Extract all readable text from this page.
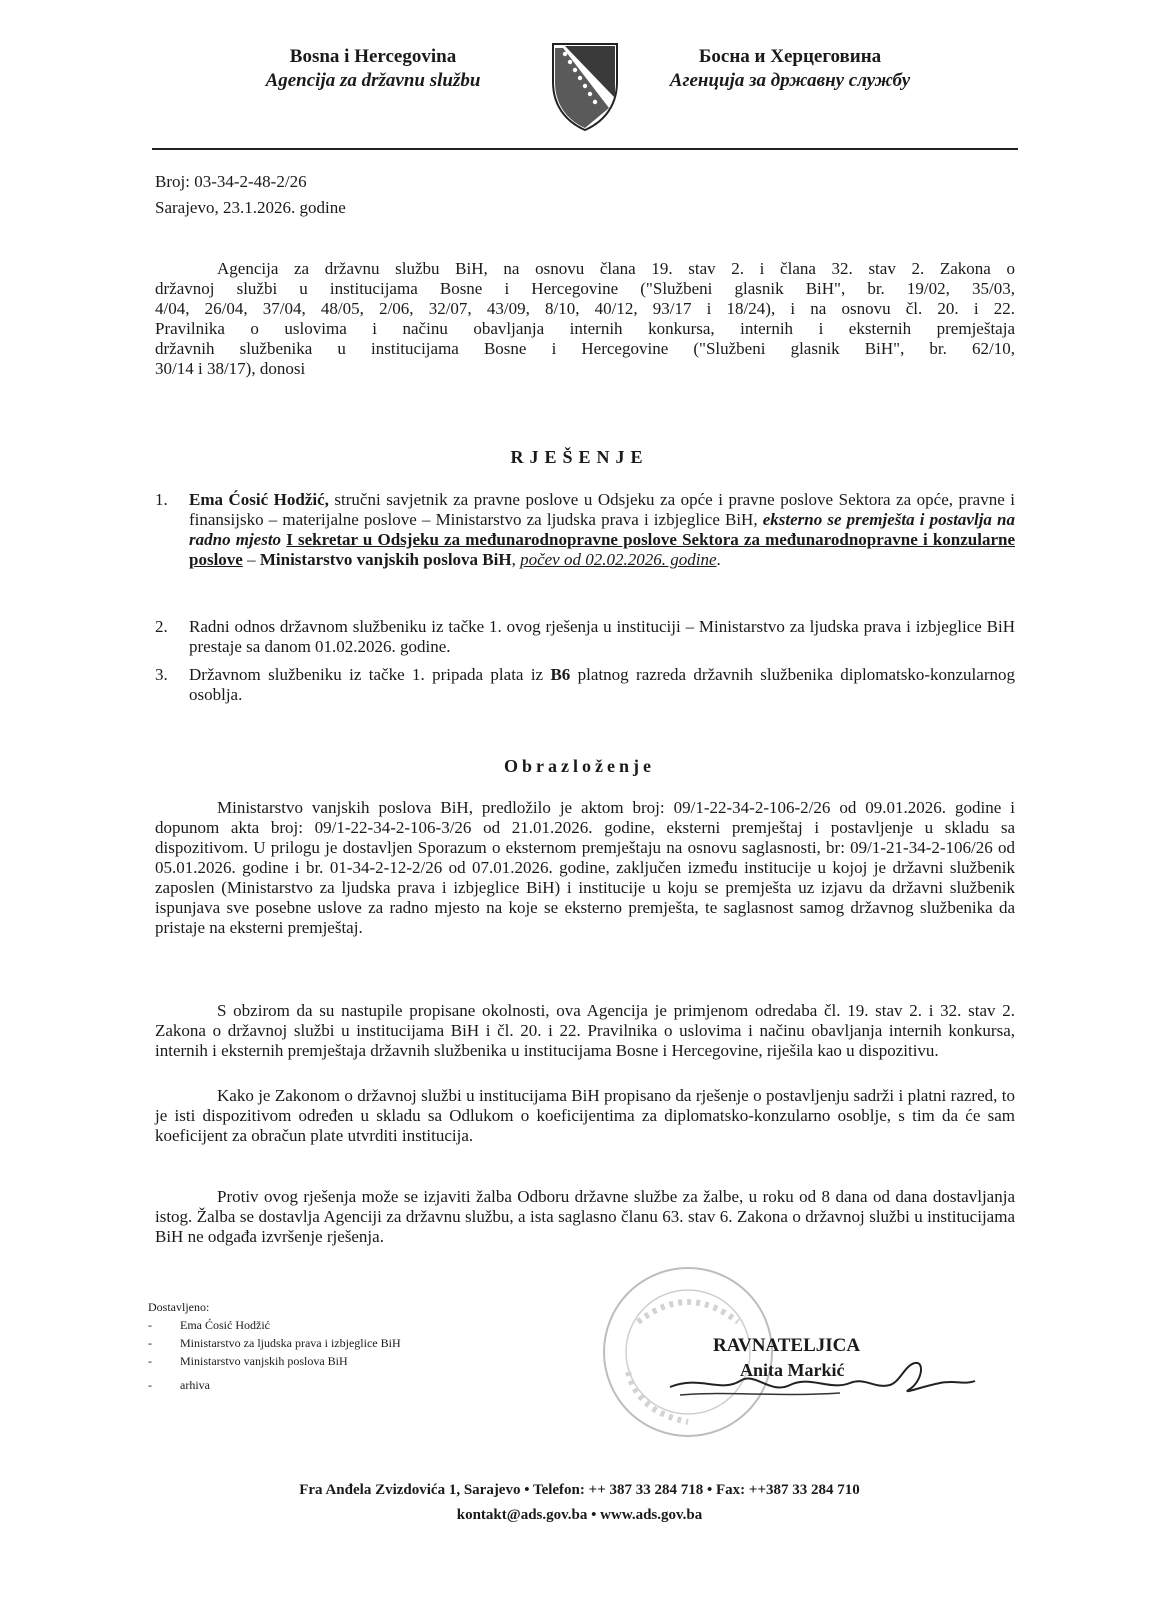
Bosna i Hercegovina
Agencija za državnu službu
Босна и Херцеговина
Агенција за државну службу
Broj: 03-34-2-48-2/26
Sarajevo, 23.1.2026. godine
Agencija za državnu službu BiH, na osnovu člana 19. stav 2. i člana 32. stav 2. Zakona o
državnoj službi u institucijama Bosne i Hercegovine ("Službeni glasnik BiH", br. 19/02, 35/03,
4/04, 26/04, 37/04, 48/05, 2/06, 32/07, 43/09, 8/10, 40/12, 93/17 i 18/24), i na osnovu čl. 20. i 22.
Pravilnika o uslovima i načinu obavljanja internih konkursa, internih i eksternih premještaja
državnih službenika u institucijama Bosne i Hercegovine ("Službeni glasnik BiH", br. 62/10,
30/14 i 38/17), donosi
RJEŠENJE
1.	Ema Ćosić Hodžić, stručni savjetnik za pravne poslove u Odsjeku za opće i pravne poslove Sektora za opće, pravne i finansijsko – materijalne poslove – Ministarstvo za ljudska prava i izbjeglice BiH, eksterno se premješta i postavlja na radno mjesto I sekretar u Odsjeku za međunarodnopravne poslove Sektora za međunarodnopravne i konzularne poslove – Ministarstvo vanjskih poslova BiH, počev od 02.02.2026. godine.
2.	Radni odnos državnom službeniku iz tačke 1. ovog rješenja u instituciji – Ministarstvo za ljudska prava i izbjeglice BiH prestaje sa danom 01.02.2026. godine.
3.	Državnom službeniku iz tačke 1. pripada plata iz B6 platnog razreda državnih službenika diplomatsko-konzularnog osoblja.
Obrazloženje
Ministarstvo vanjskih poslova BiH, predložilo je aktom broj: 09/1-22-34-2-106-2/26 od 09.01.2026. godine i dopunom akta broj: 09/1-22-34-2-106-3/26 od 21.01.2026. godine, eksterni premještaj i postavljenje u skladu sa dispozitivom. U prilogu je dostavljen Sporazum o eksternom premještaju na osnovu saglasnosti, br: 09/1-21-34-2-106/26 od 05.01.2026. godine i br. 01-34-2-12-2/26 od 07.01.2026. godine, zaključen između institucije u kojoj je državni službenik zaposlen (Ministarstvo za ljudska prava i izbjeglice BiH) i institucije u koju se premješta uz izjavu da državni službenik ispunjava sve posebne uslove za radno mjesto na koje se eksterno premješta, te saglasnost samog državnog službenika da pristaje na eksterni premještaj.
S obzirom da su nastupile propisane okolnosti, ova Agencija je primjenom odredaba čl. 19. stav 2. i 32. stav 2. Zakona o državnoj službi u institucijama BiH i čl. 20. i 22. Pravilnika o uslovima i načinu obavljanja internih konkursa, internih i eksternih premještaja državnih službenika u institucijama Bosne i Hercegovine, riješila kao u dispozitivu.
Kako je Zakonom o državnoj službi u institucijama BiH propisano da rješenje o postavljenju sadrži i platni razred, to je isti dispozitivom određen u skladu sa Odlukom o koeficijentima za diplomatsko-konzularno osoblje, s tim da će sam koeficijent za obračun plate utvrditi institucija.
Protiv ovog rješenja može se izjaviti žalba Odboru državne službe za žalbe, u roku od 8 dana od dana dostavljanja istog. Žalba se dostavlja Agenciji za državnu službu, a ista saglasno članu 63. stav 6. Zakona o državnoj službi u institucijama BiH ne odgađa izvršenje rješenja.
Dostavljeno:
- Ema Ćosić Hodžić
- Ministarstvo za ljudska prava i izbjeglice BiH
- Ministarstvo vanjskih poslova BiH
- arhiva
RAVNATELJICA
Anita Markić
Fra Anđela Zvizdovića 1, Sarajevo • Telefon: ++ 387 33 284 718 • Fax: ++387 33 284 710
kontakt@ads.gov.ba • www.ads.gov.ba
